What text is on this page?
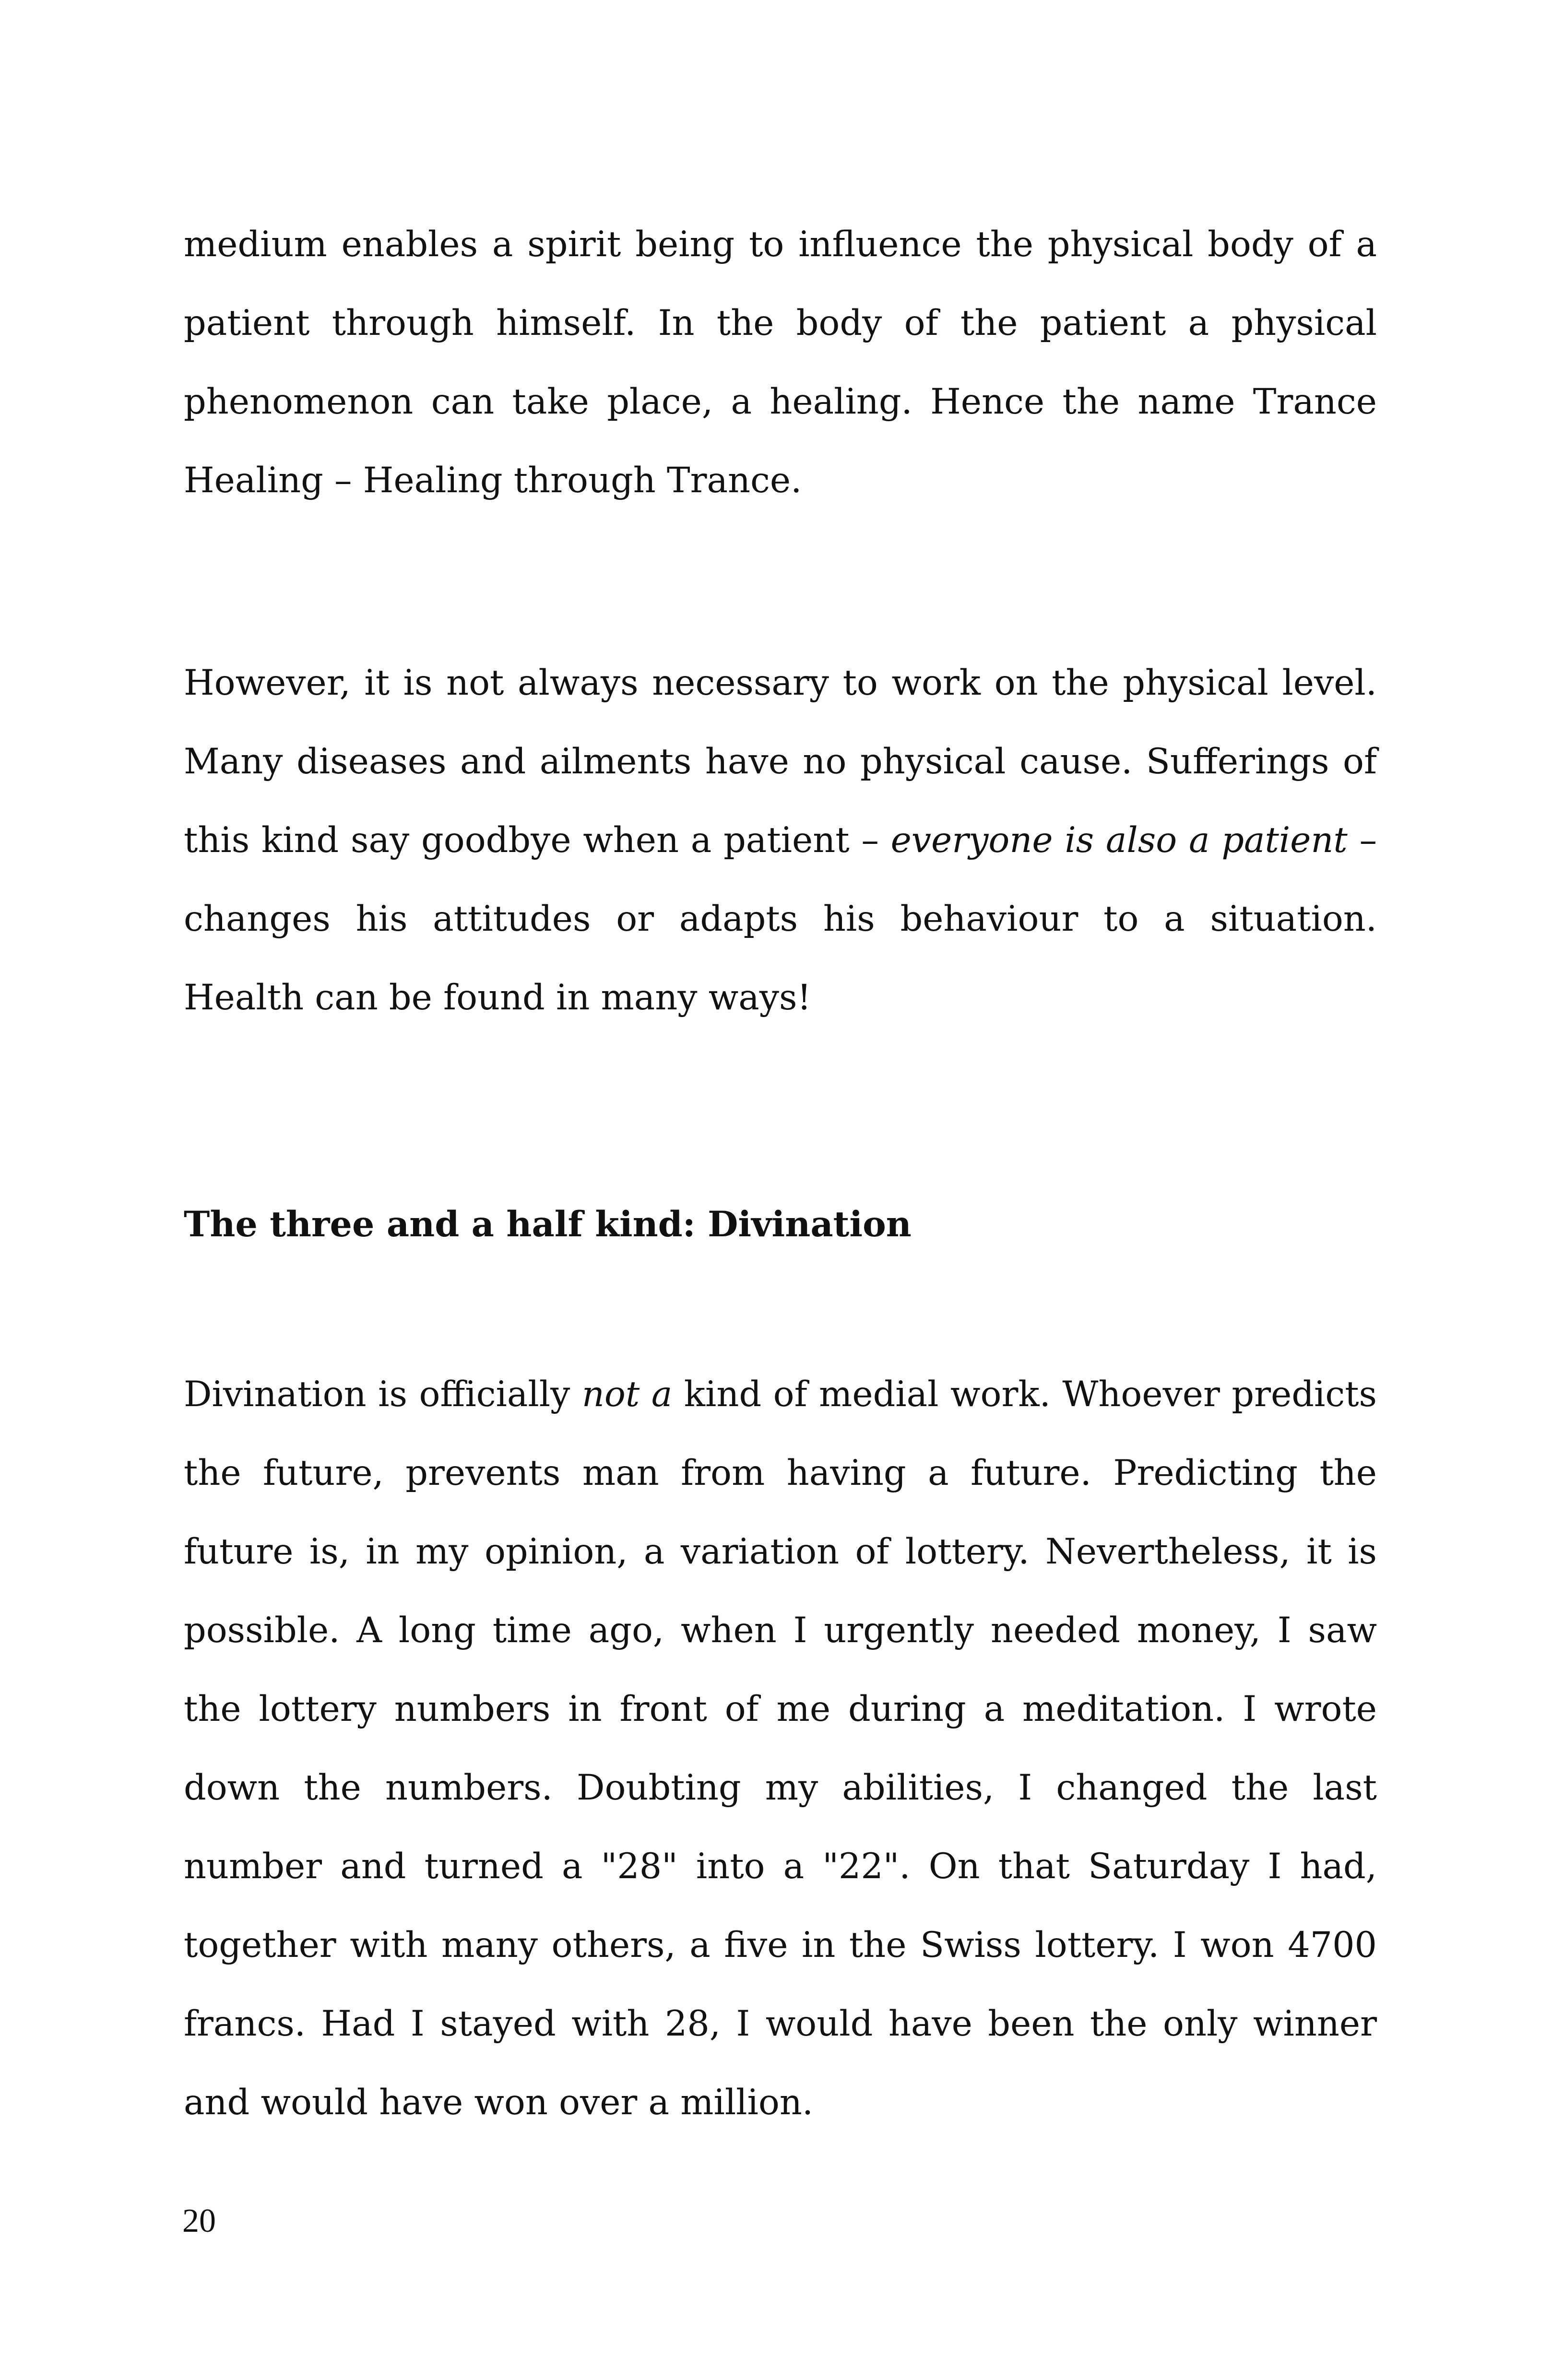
medium enables a spirit being to influence the physical body of a patient through himself. In the body of the patient a physical phenomenon can take place, a healing. Hence the name Trance Healing – Healing through Trance.

However, it is not always necessary to work on the physical level. Many diseases and ailments have no physical cause. Sufferings of this kind say goodbye when a patient – everyone is also a patient – changes his attitudes or adapts his behaviour to a situation. Health can be found in many ways!

The three and a half kind: Divination

Divination is officially not a kind of medial work. Whoever predicts the future, prevents man from having a future. Predicting the future is, in my opinion, a variation of lottery. Nevertheless, it is possible. A long time ago, when I urgently needed money, I saw the lottery numbers in front of me during a meditation. I wrote down the numbers. Doubting my abilities, I changed the last number and turned a "28" into a "22". On that Saturday I had, together with many others, a five in the Swiss lottery. I won 4700 francs. Had I stayed with 28, I would have been the only winner and would have won over a million.

20
